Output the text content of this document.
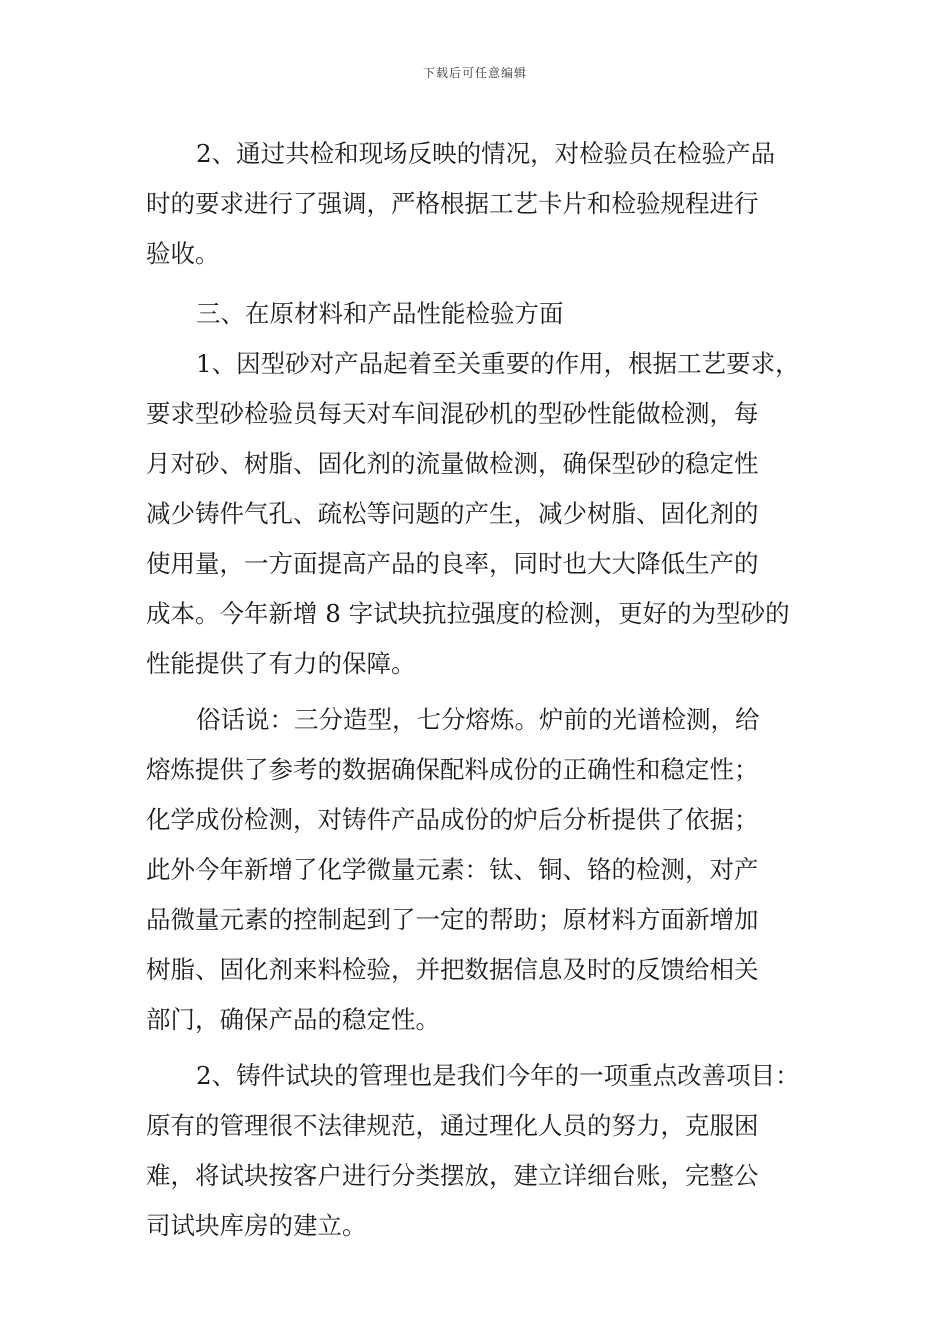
下载后可任意编辑
2、通过共检和现场反映的情况，对检验员在检验产品
时的要求进行了强调，严格根据工艺卡片和检验规程进行
验收。
三、在原材料和产品性能检验方面
1、因型砂对产品起着至关重要的作用，根据工艺要求，
要求型砂检验员每天对车间混砂机的型砂性能做检测，每
月对砂、树脂、固化剂的流量做检测，确保型砂的稳定性
减少铸件气孔、疏松等问题的产生，减少树脂、固化剂的
使用量，一方面提高产品的良率，同时也大大降低生产的
成本。今年新增 8 字试块抗拉强度的检测，更好的为型砂的
性能提供了有力的保障。
俗话说：三分造型，七分熔炼。炉前的光谱检测，给
熔炼提供了参考的数据确保配料成份的正确性和稳定性；
化学成份检测，对铸件产品成份的炉后分析提供了依据；
此外今年新增了化学微量元素：钛、铜、铬的检测，对产
品微量元素的控制起到了一定的帮助；原材料方面新增加
树脂、固化剂来料检验，并把数据信息及时的反馈给相关
部门，确保产品的稳定性。
2、铸件试块的管理也是我们今年的一项重点改善项目：
原有的管理很不法律规范，通过理化人员的努力，克服困
难，将试块按客户进行分类摆放，建立详细台账，完整公
司试块库房的建立。
